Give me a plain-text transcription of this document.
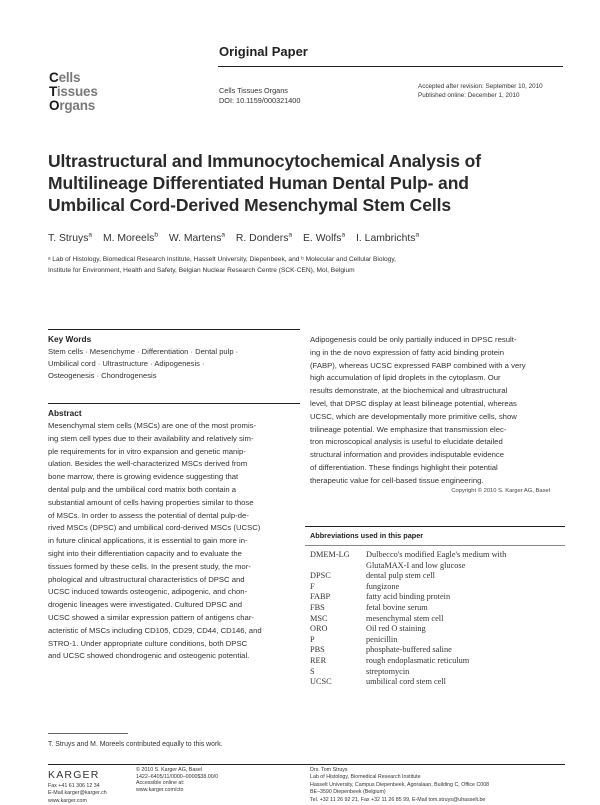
Original Paper
Cells
Tissues
Organs
Cells Tissues Organs
DOI: 10.1159/000321400
Accepted after revision: September 10, 2010
Published online: December 1, 2010
Ultrastructural and Immunocytochemical Analysis of
Multilineage Differentiated Human Dental Pulp- and
Umbilical Cord-Derived Mesenchymal Stem Cells
T. Struys$^a$ M. Moreels$^b$ W. Martens$^a$ R. Donders$^a$ E. Wolfs$^a$ I. Lambrichts$^a$
ᵃ Lab of Histology, Biomedical Research Institute, Hasselt University, Diepenbeek, and ᵇ Molecular and Cellular Biology,
Institute for Environment, Health and Safety, Belgian Nuclear Research Centre (SCK·CEN), Mol, Belgium
Key Words
Stem cells · Mesenchyme · Differentiation · Dental pulp ·
Umbilical cord · Ultrastructure · Adipogenesis ·
Osteogenesis · Chondrogenesis
Abstract
Mesenchymal stem cells (MSCs) are one of the most promis-
ing stem cell types due to their availability and relatively sim-
ple requirements for in vitro expansion and genetic manip-
ulation. Besides the well-characterized MSCs derived from
bone marrow, there is growing evidence suggesting that
dental pulp and the umbilical cord matrix both contain a
substantial amount of cells having properties similar to those
of MSCs. In order to assess the potential of dental pulp-de-
rived MSCs (DPSC) and umbilical cord-derived MSCs (UCSC)
in future clinical applications, it is essential to gain more in-
sight into their differentiation capacity and to evaluate the
tissues formed by these cells. In the present study, the mor-
phological and ultrastructural characteristics of DPSC and
UCSC induced towards osteogenic, adipogenic, and chon-
drogenic lineages were investigated. Cultured DPSC and
UCSC showed a similar expression pattern of antigens char-
acteristic of MSCs including CD105, CD29, CD44, CD146, and
STRO-1. Under appropriate culture conditions, both DPSC
and UCSC showed chondrogenic and osteogenic potential.
Adipogenesis could be only partially induced in DPSC result-
ing in the de novo expression of fatty acid binding protein
(FABP), whereas UCSC expressed FABP combined with a very
high accumulation of lipid droplets in the cytoplasm. Our
results demonstrate, at the biochemical and ultrastructural
level, that DPSC display at least bilineage potential, whereas
UCSC, which are developmentally more primitive cells, show
trilineage potential. We emphasize that transmission elec-
tron microscopical analysis is useful to elucidate detailed
structural information and provides indisputable evidence
of differentiation. These findings highlight their potential
therapeutic value for cell-based tissue engineering.
Copyright © 2010 S. Karger AG, Basel
Abbreviations used in this paper
DMEM-LG	Dulbecco's modified Eagle's medium with
GlutaMAX-I and low glucose
DPSC	dental pulp stem cell
F	fungizone
FABP	fatty acid binding protein
FBS	fetal bovine serum
MSC	mesenchymal stem cell
ORO	Oil red O staining
P	penicillin
PBS	phosphate-buffered saline
RER	rough endoplasmatic reticulum
S	streptomycin
UCSC	umbilical cord stem cell
T. Struys and M. Moreels contributed equally to this work.
KARGER
Fax +41 61 306 12 34
E-Mail karger@karger.ch
www.karger.com
© 2010 S. Karger AG, Basel
1422–6405/11/0000–0000$38.00/0
Accessible online at:
www.karger.com/cto
Drs. Tom Struys
Lab of Histology, Biomedical Research Institute
Hasselt University, Campus Diepenbeek, Agoralaan, Building C, Office C008
BE–3590 Diepenbeek (Belgium)
Tel. +32 11 26 92 21, Fax +32 11 26 85 99, E-Mail tom.struys@uhasselt.be
